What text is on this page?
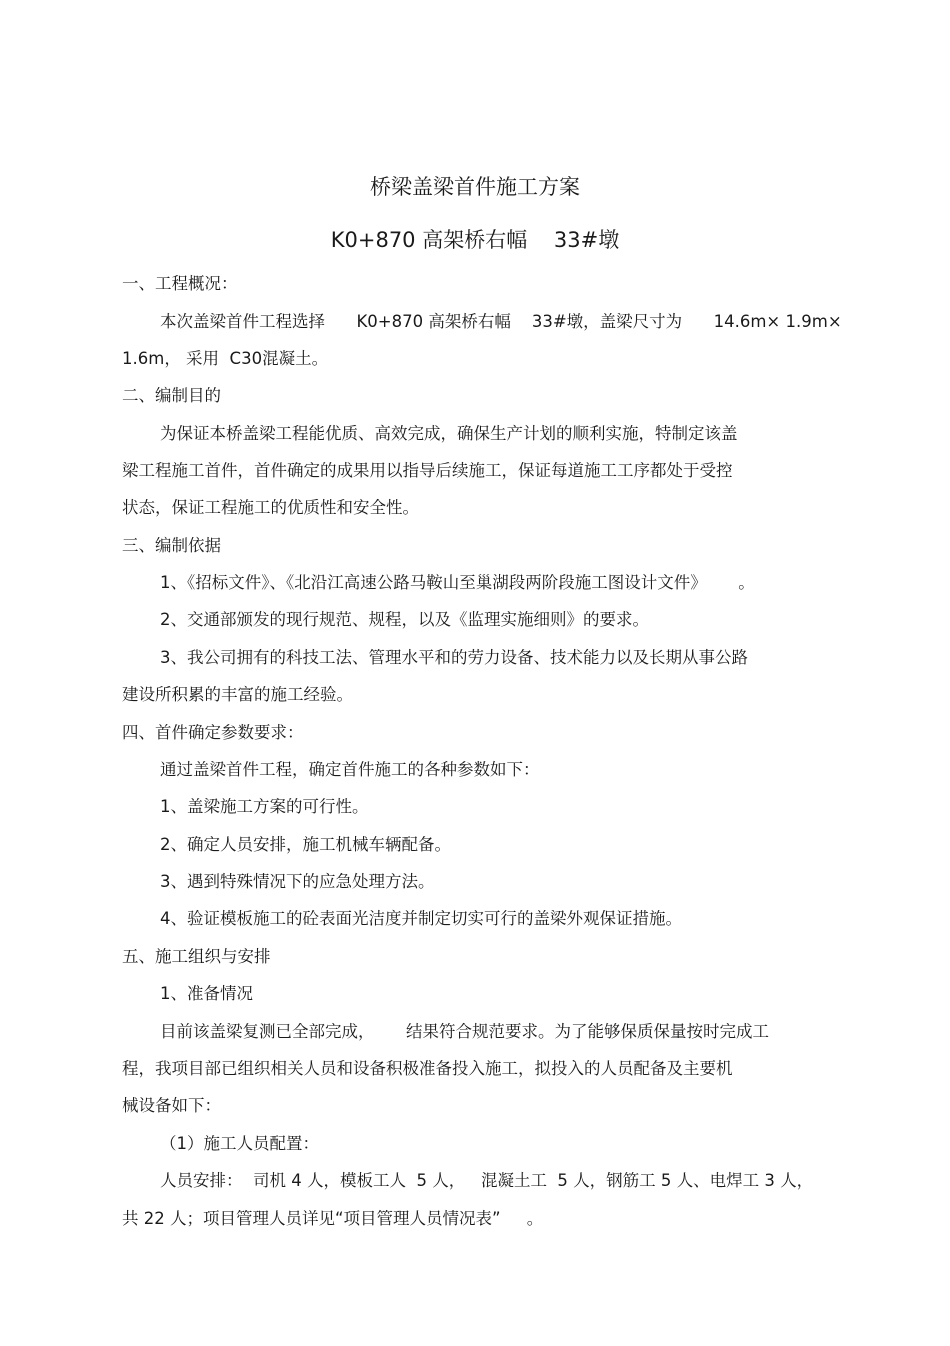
桥梁盖梁首件施工方案
K0+870 高架桥右幅    33#墩
一、工程概况：
本次盖梁首件工程选择      K0+870 高架桥右幅    33#墩，盖梁尺寸为      14.6m× 1.9m×
1.6m， 采用  C30混凝土。
二、编制目的
为保证本桥盖梁工程能优质、高效完成，确保生产计划的顺利实施，特制定该盖
梁工程施工首件，首件确定的成果用以指导后续施工，保证每道施工工序都处于受控
状态，保证工程施工的优质性和安全性。
三、编制依据
1、《招标文件》、《北沿江高速公路马鞍山至巢湖段两阶段施工图设计文件》      。
2、交通部颁发的现行规范、规程，以及《监理实施细则》的要求。
3、我公司拥有的科技工法、管理水平和的劳力设备、技术能力以及长期从事公路
建设所积累的丰富的施工经验。
四、首件确定参数要求：
通过盖梁首件工程，确定首件施工的各种参数如下：
1、盖梁施工方案的可行性。
2、确定人员安排，施工机械车辆配备。
3、遇到特殊情况下的应急处理方法。
4、验证模板施工的砼表面光洁度并制定切实可行的盖梁外观保证措施。
五、施工组织与安排
1、准备情况
目前该盖梁复测已全部完成，      结果符合规范要求。为了能够保质保量按时完成工
程，我项目部已组织相关人员和设备积极准备投入施工，拟投入的人员配备及主要机
械设备如下：
（1）施工人员配置：
人员安排：  司机 4 人，模板工人  5 人，   混凝土工  5 人，钢筋工 5 人、电焊工 3 人，
共 22 人；项目管理人员详见“项目管理人员情况表”     。
